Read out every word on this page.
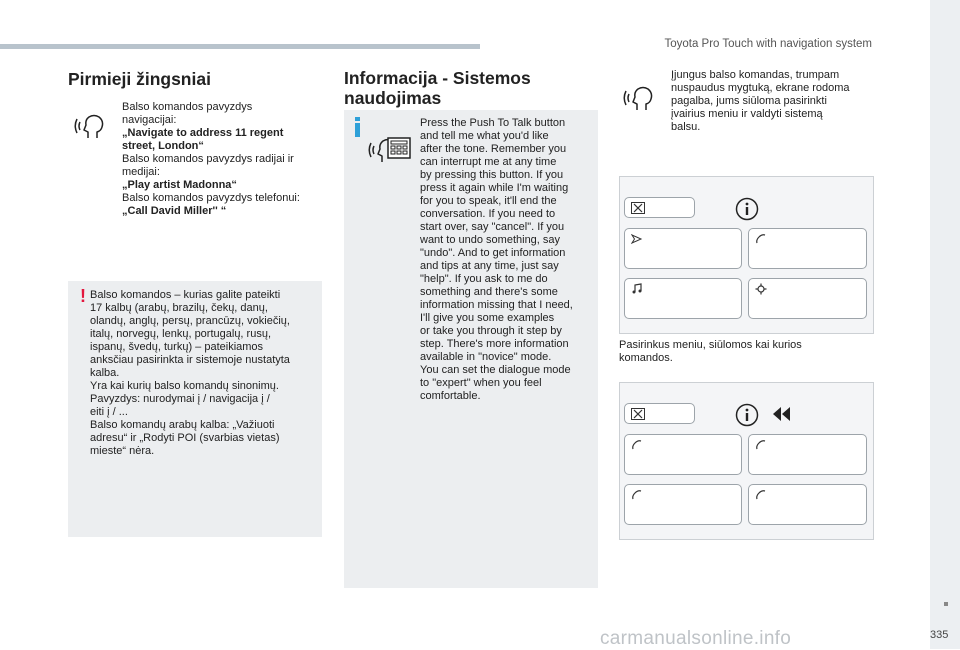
Toyota Pro Touch with navigation system
Pirmieji žingsniai
Balso komandos pavyzdys
navigacijai:
„Navigate to address 11 regent
street, London“
Balso komandos pavyzdys radijai ir
medijai:
„Play artist Madonna“
Balso komandos pavyzdys telefonui:
„Call David Miller'' “
! Balso komandos – kurias galite pateikti
17 kalbų (arabų, brazilų, čekų, danų,
olandų, anglų, persų, prancūzų, vokiečių,
italų, norvegų, lenkų, portugalų, rusų,
ispanų, švedų, turkų) – pateikiamos
anksčiau pasirinkta ir sistemoje nustatyta
kalba.
Yra kai kurių balso komandų sinonimų.
Pavyzdys: nurodymai į / navigacija į /
eiti į / ...
Balso komandų arabų kalba: „Važiuoti
adresu“ ir „Rodyti POI (svarbias vietas)
mieste“ nėra.
Informacija - Sistemos
naudojimas
Press the Push To Talk button
and tell me what you'd like
after the tone. Remember you
can interrupt me at any time
by pressing this button. If you
press it again while I'm waiting
for you to speak, it'll end the
conversation. If you need to
start over, say "cancel". If you
want to undo something, say
"undo". And to get information
and tips at any time, just say
"help". If you ask to me do
something and there's some
information missing that I need,
I'll give you some examples
or take you through it step by
step. There's more information
available in "novice" mode.
You can set the dialogue mode
to "expert" when you feel
comfortable.
Įjungus balso komandas, trumpam
nuspaudus mygtuką, ekrane rodoma
pagalba, jums siūloma pasirinkti
įvairius meniu ir valdyti sistemą
balsu.
Pasirinkus meniu, siūlomos kai kurios
komandos.
carmanualsonline.info	335
